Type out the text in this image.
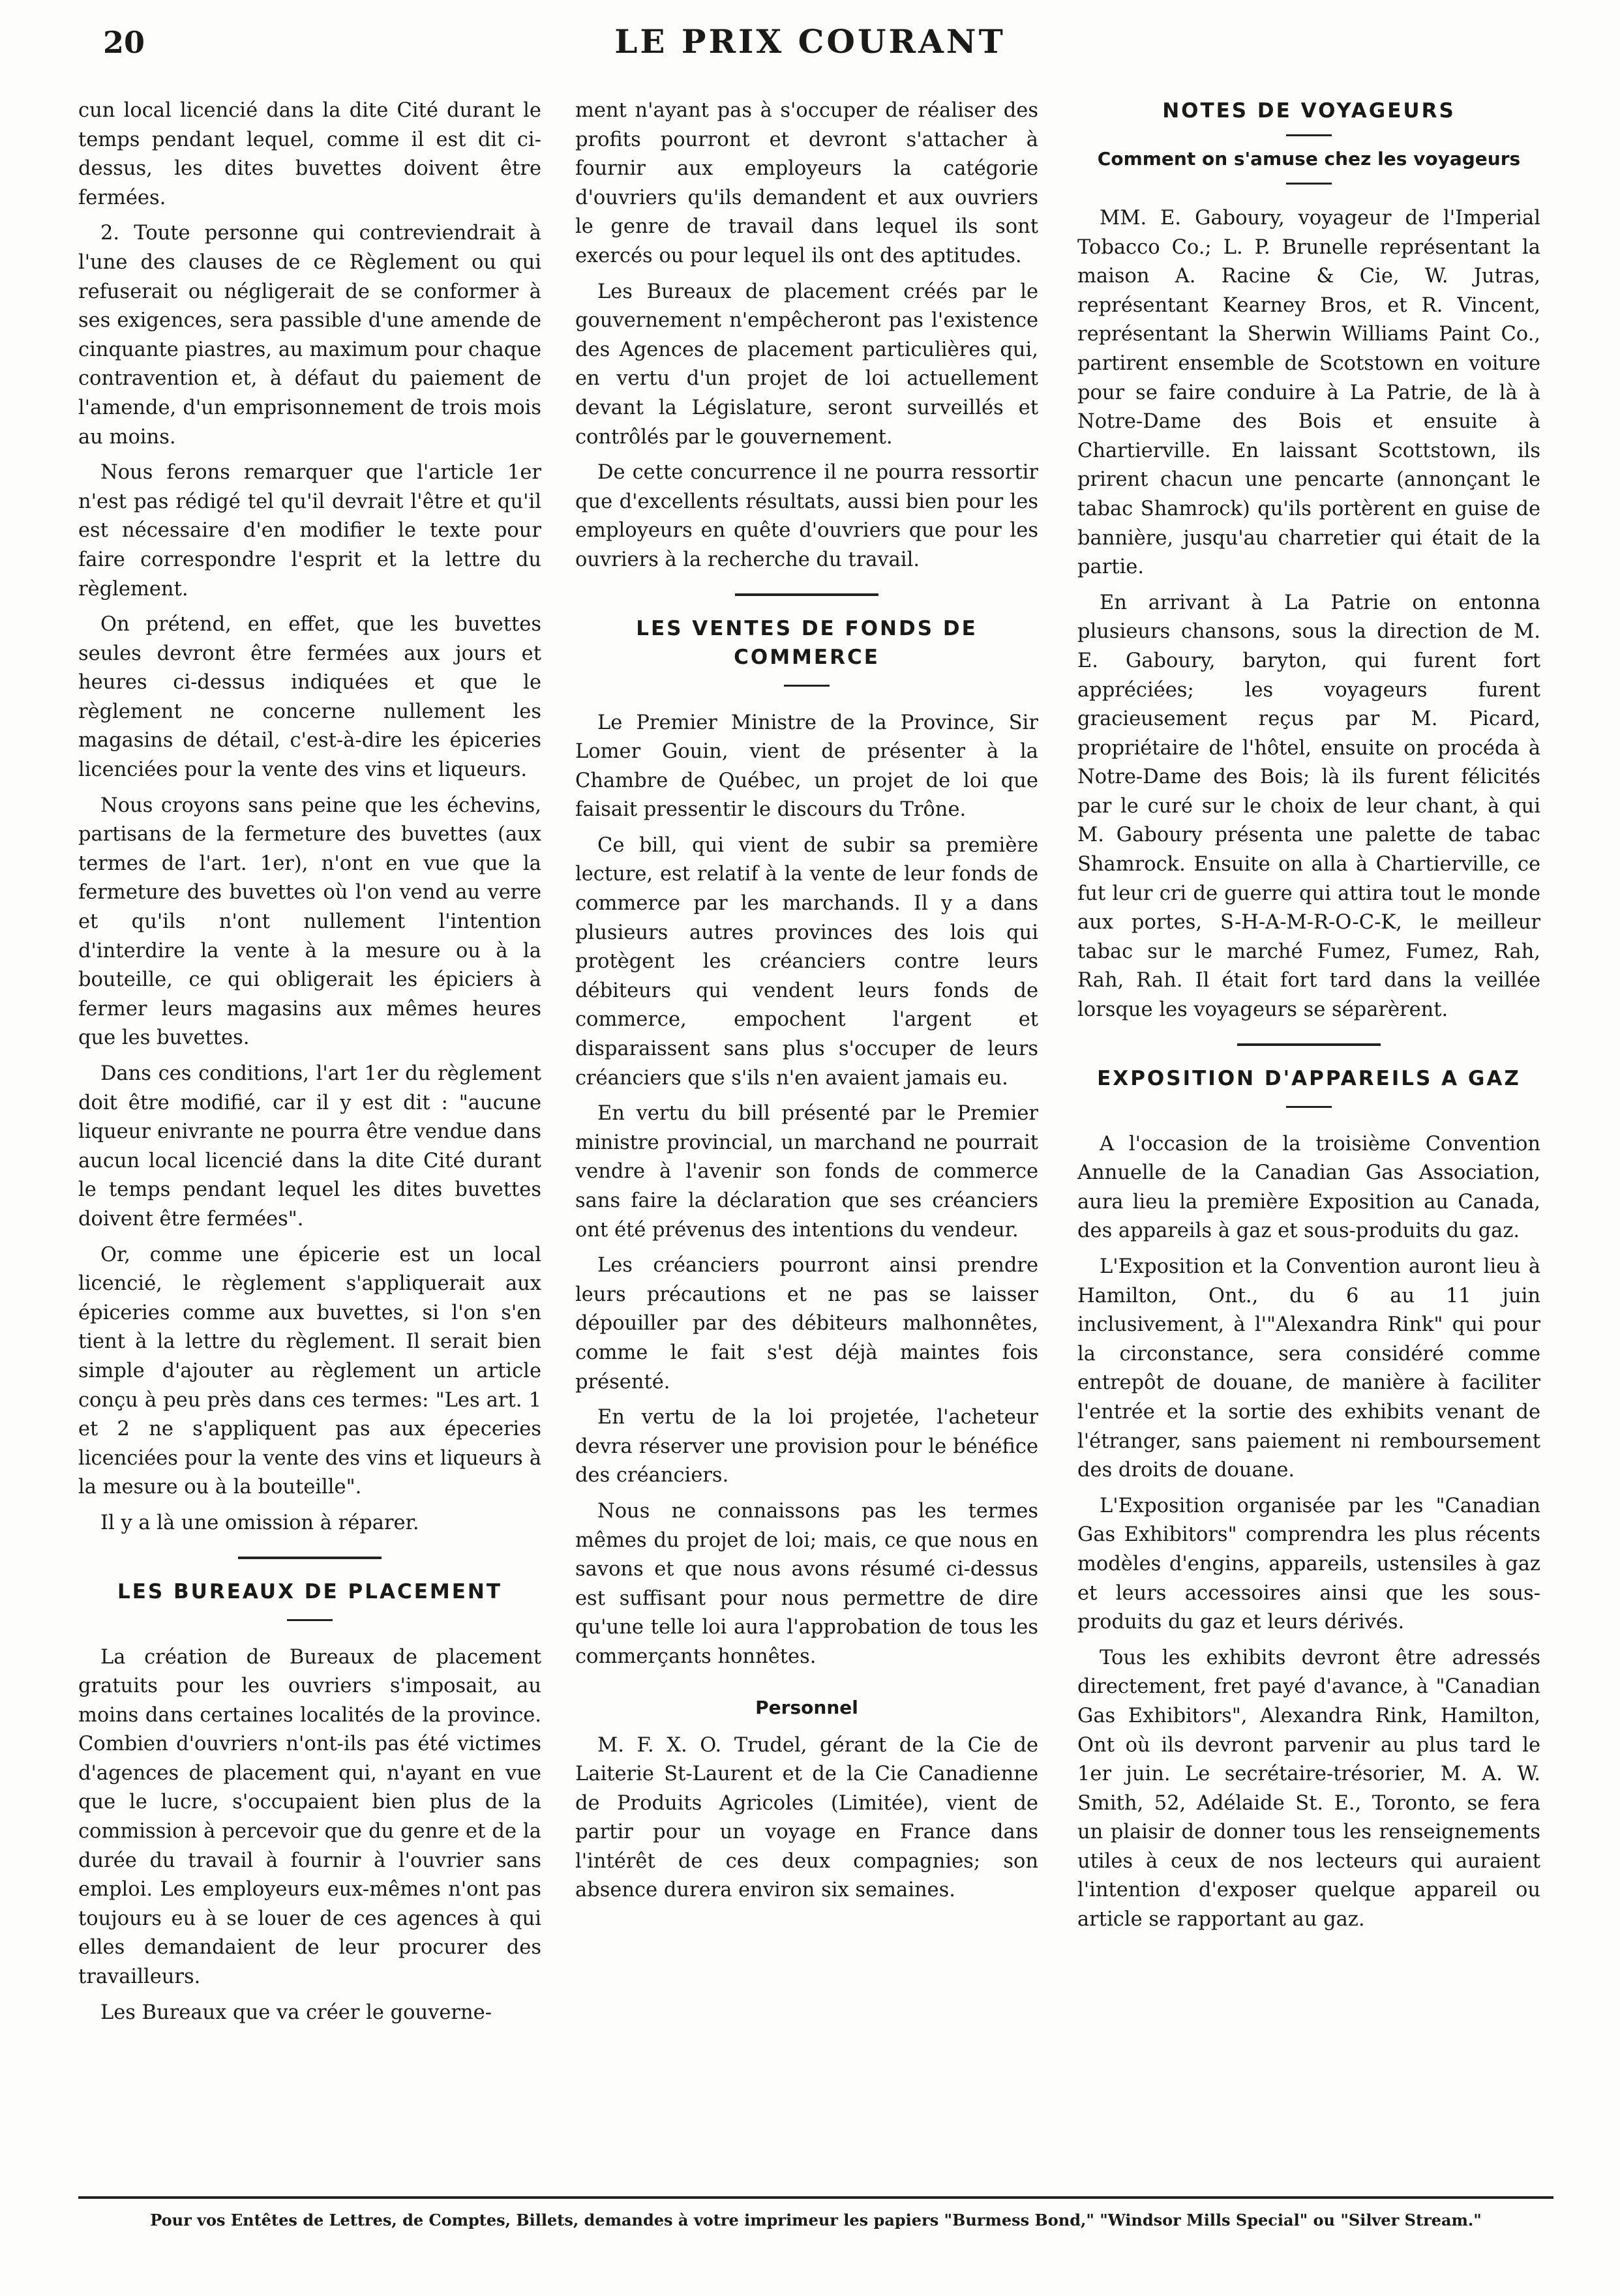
20	LE PRIX COURANT

cun local licencié dans la dite Cité durant le temps pendant lequel, comme il est dit ci-dessus, les dites buvettes doivent être fermées.

2. Toute personne qui contreviendrait à l'une des clauses de ce Règlement ou qui refuserait ou négligerait de se conformer à ses exigences, sera passible d'une amende de cinquante piastres, au maximum pour chaque contravention et, à défaut du paiement de l'amende, d'un emprisonnement de trois mois au moins.

Nous ferons remarquer que l'article 1er n'est pas rédigé tel qu'il devrait l'être et qu'il est nécessaire d'en modifier le texte pour faire correspondre l'esprit et la lettre du règlement.

On prétend, en effet, que les buvettes seules devront être fermées aux jours et heures ci-dessus indiquées et que le règlement ne concerne nullement les magasins de détail, c'est-à-dire les épiceries licenciées pour la vente des vins et liqueurs.

Nous croyons sans peine que les échevins, partisans de la fermeture des buvettes (aux termes de l'art. 1er), n'ont en vue que la fermeture des buvettes où l'on vend au verre et qu'ils n'ont nullement l'intention d'interdire la vente à la mesure ou à la bouteille, ce qui obligerait les épiciers à fermer leurs magasins aux mêmes heures que les buvettes.

Dans ces conditions, l'art 1er du règlement doit être modifié, car il y est dit : "aucune liqueur enivrante ne pourra être vendue dans aucun local licencié dans la dite Cité durant le temps pendant lequel les dites buvettes doivent être fermées".

Or, comme une épicerie est un local licencié, le règlement s'appliquerait aux épiceries comme aux buvettes, si l'on s'en tient à la lettre du règlement. Il serait bien simple d'ajouter au règlement un article conçu à peu près dans ces termes: "Les art. 1 et 2 ne s'appliquent pas aux épeceries licenciées pour la vente des vins et liqueurs à la mesure ou à la bouteille".

Il y a là une omission à réparer.

LES BUREAUX DE PLACEMENT

La création de Bureaux de placement gratuits pour les ouvriers s'imposait, au moins dans certaines localités de la province. Combien d'ouvriers n'ont-ils pas été victimes d'agences de placement qui, n'ayant en vue que le lucre, s'occupaient bien plus de la commission à percevoir que du genre et de la durée du travail à fournir à l'ouvrier sans emploi. Les employeurs eux-mêmes n'ont pas toujours eu à se louer de ces agences à qui elles demandaient de leur procurer des travailleurs.

Les Bureaux que va créer le gouverne-

ment n'ayant pas à s'occuper de réaliser des profits pourront et devront s'attacher à fournir aux employeurs la catégorie d'ouvriers qu'ils demandent et aux ouvriers le genre de travail dans lequel ils sont exercés ou pour lequel ils ont des aptitudes.

Les Bureaux de placement créés par le gouvernement n'empêcheront pas l'existence des Agences de placement particulières qui, en vertu d'un projet de loi actuellement devant la Législature, seront surveillés et contrôlés par le gouvernement.

De cette concurrence il ne pourra ressortir que d'excellents résultats, aussi bien pour les employeurs en quête d'ouvriers que pour les ouvriers à la recherche du travail.

LES VENTES DE FONDS DE COMMERCE

Le Premier Ministre de la Province, Sir Lomer Gouin, vient de présenter à la Chambre de Québec, un projet de loi que faisait pressentir le discours du Trône.

Ce bill, qui vient de subir sa première lecture, est relatif à la vente de leur fonds de commerce par les marchands. Il y a dans plusieurs autres provinces des lois qui protègent les créanciers contre leurs débiteurs qui vendent leurs fonds de commerce, empochent l'argent et disparaissent sans plus s'occuper de leurs créanciers que s'ils n'en avaient jamais eu.

En vertu du bill présenté par le Premier ministre provincial, un marchand ne pourrait vendre à l'avenir son fonds de commerce sans faire la déclaration que ses créanciers ont été prévenus des intentions du vendeur.

Les créanciers pourront ainsi prendre leurs précautions et ne pas se laisser dépouiller par des débiteurs malhonnêtes, comme le fait s'est déjà maintes fois présenté.

En vertu de la loi projetée, l'acheteur devra réserver une provision pour le bénéfice des créanciers.

Nous ne connaissons pas les termes mêmes du projet de loi; mais, ce que nous en savons et que nous avons résumé ci-dessus est suffisant pour nous permettre de dire qu'une telle loi aura l'approbation de tous les commerçants honnêtes.

Personnel

M. F. X. O. Trudel, gérant de la Cie de Laiterie St-Laurent et de la Cie Canadienne de Produits Agricoles (Limitée), vient de partir pour un voyage en France dans l'intérêt de ces deux compagnies; son absence durera environ six semaines.

NOTES DE VOYAGEURS
Comment on s'amuse chez les voyageurs

MM. E. Gaboury, voyageur de l'Imperial Tobacco Co.; L. P. Brunelle représentant la maison A. Racine & Cie, W. Jutras, représentant Kearney Bros, et R. Vincent, représentant la Sherwin Williams Paint Co., partirent ensemble de Scotstown en voiture pour se faire conduire à La Patrie, de là à Notre-Dame des Bois et ensuite à Chartierville. En laissant Scottstown, ils prirent chacun une pencarte (annonçant le tabac Shamrock) qu'ils portèrent en guise de bannière, jusqu'au charretier qui était de la partie.

En arrivant à La Patrie on entonna plusieurs chansons, sous la direction de M. E. Gaboury, baryton, qui furent fort appréciées; les voyageurs furent gracieusement reçus par M. Picard, propriétaire de l'hôtel, ensuite on procéda à Notre-Dame des Bois; là ils furent félicités par le curé sur le choix de leur chant, à qui M. Gaboury présenta une palette de tabac Shamrock. Ensuite on alla à Chartierville, ce fut leur cri de guerre qui attira tout le monde aux portes, S-H-A-M-R-O-C-K, le meilleur tabac sur le marché Fumez, Fumez, Rah, Rah, Rah. Il était fort tard dans la veillée lorsque les voyageurs se séparèrent.

EXPOSITION D'APPAREILS A GAZ

A l'occasion de la troisième Convention Annuelle de la Canadian Gas Association, aura lieu la première Exposition au Canada, des appareils à gaz et sous-produits du gaz.

L'Exposition et la Convention auront lieu à Hamilton, Ont., du 6 au 11 juin inclusivement, à l'"Alexandra Rink" qui pour la circonstance, sera considéré comme entrepôt de douane, de manière à faciliter l'entrée et la sortie des exhibits venant de l'étranger, sans paiement ni remboursement des droits de douane.

L'Exposition organisée par les "Canadian Gas Exhibitors" comprendra les plus récents modèles d'engins, appareils, ustensiles à gaz et leurs accessoires ainsi que les sous-produits du gaz et leurs dérivés.

Tous les exhibits devront être adressés directement, fret payé d'avance, à "Canadian Gas Exhibitors", Alexandra Rink, Hamilton, Ont où ils devront parvenir au plus tard le 1er juin. Le secrétaire-trésorier, M. A. W. Smith, 52, Adélaide St. E., Toronto, se fera un plaisir de donner tous les renseignements utiles à ceux de nos lecteurs qui auraient l'intention d'exposer quelque appareil ou article se rapportant au gaz.

Pour vos Entêtes de Lettres, de Comptes, Billets, demandes à votre imprimeur les papiers "Burmess Bond," "Windsor Mills Special" ou "Silver Stream."
